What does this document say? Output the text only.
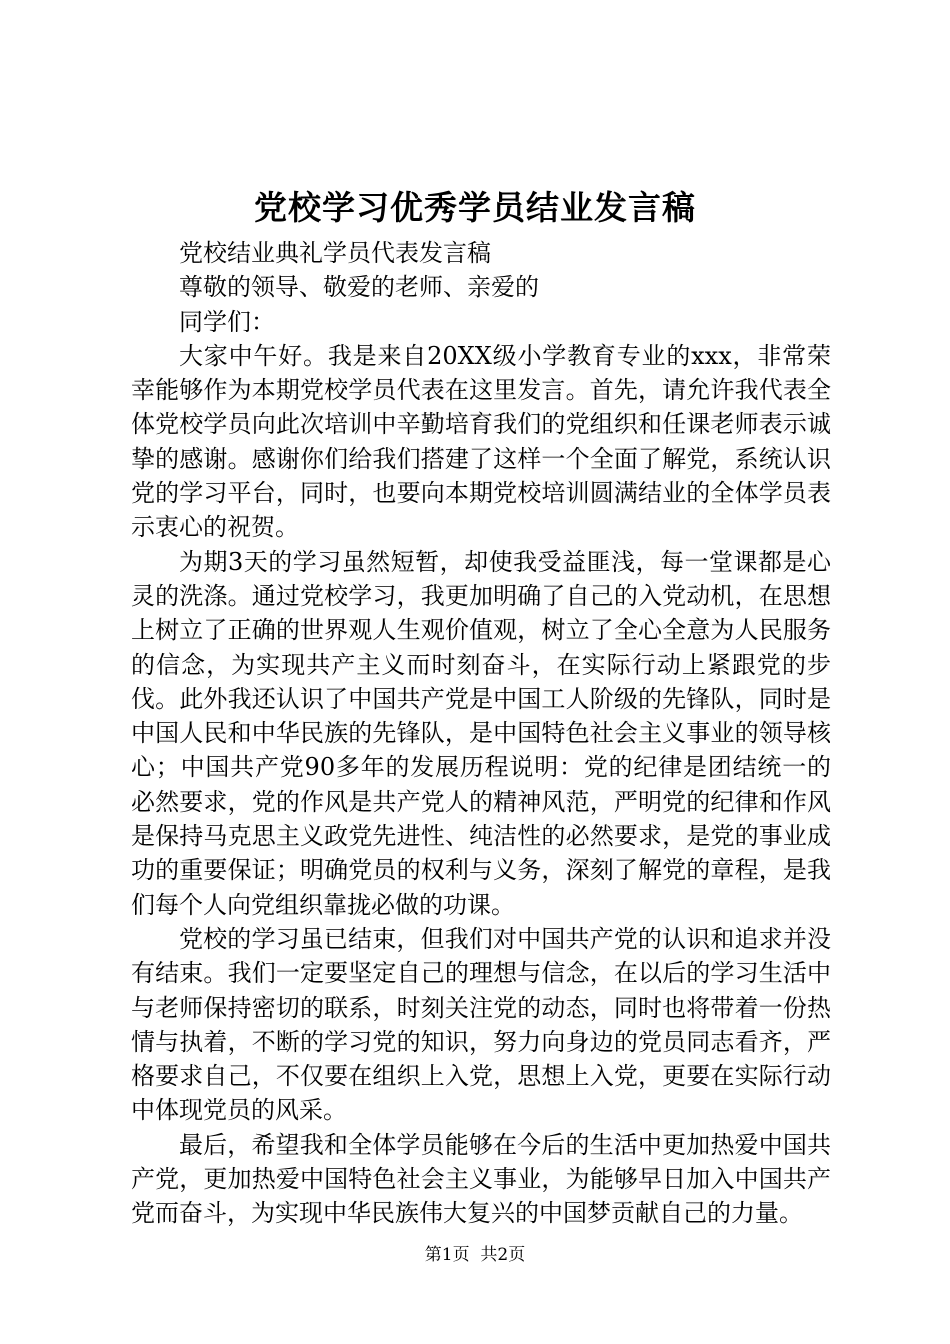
党校学习优秀学员结业发言稿

党校结业典礼学员代表发言稿

尊敬的领导、敬爱的老师、亲爱的

同学们：

大家中午好。我是来自20XX级小学教育专业的xxx，非常荣幸能够作为本期党校学员代表在这里发言。首先，请允许我代表全体党校学员向此次培训中辛勤培育我们的党组织和任课老师表示诚挚的感谢。感谢你们给我们搭建了这样一个全面了解党，系统认识党的学习平台，同时，也要向本期党校培训圆满结业的全体学员表示衷心的祝贺。

为期3天的学习虽然短暂，却使我受益匪浅，每一堂课都是心灵的洗涤。通过党校学习，我更加明确了自己的入党动机，在思想上树立了正确的世界观人生观价值观，树立了全心全意为人民服务的信念，为实现共产主义而时刻奋斗，在实际行动上紧跟党的步伐。此外我还认识了中国共产党是中国工人阶级的先锋队，同时是中国人民和中华民族的先锋队，是中国特色社会主义事业的领导核心；中国共产党90多年的发展历程说明：党的纪律是团结统一的必然要求，党的作风是共产党人的精神风范，严明党的纪律和作风是保持马克思主义政党先进性、纯洁性的必然要求，是党的事业成功的重要保证；明确党员的权利与义务，深刻了解党的章程，是我们每个人向党组织靠拢必做的功课。

党校的学习虽已结束，但我们对中国共产党的认识和追求并没有结束。我们一定要坚定自己的理想与信念，在以后的学习生活中与老师保持密切的联系，时刻关注党的动态，同时也将带着一份热情与执着，不断的学习党的知识，努力向身边的党员同志看齐，严格要求自己，不仅要在组织上入党，思想上入党，更要在实际行动中体现党员的风采。

最后，希望我和全体学员能够在今后的生活中更加热爱中国共产党，更加热爱中国特色社会主义事业，为能够早日加入中国共产党而奋斗，为实现中华民族伟大复兴的中国梦贡献自己的力量。

第1页 共2页
